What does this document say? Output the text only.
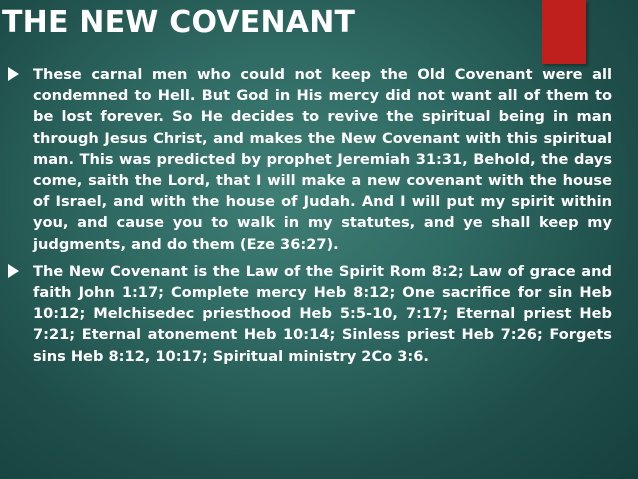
THE NEW COVENANT

These carnal men who could not keep the Old Covenant were all condemned to Hell. But God in His mercy did not want all of them to be lost forever. So He decides to revive the spiritual being in man through Jesus Christ, and makes the New Covenant with this spiritual man. This was predicted by prophet Jeremiah 31:31, Behold, the days come, saith the Lord, that I will make a new covenant with the house of Israel, and with the house of Judah. And I will put my spirit within you, and cause you to walk in my statutes, and ye shall keep my judgments, and do them (Eze 36:27).

The New Covenant is the Law of the Spirit Rom 8:2; Law of grace and faith John 1:17; Complete mercy Heb 8:12; One sacrifice for sin Heb 10:12; Melchisedec priesthood Heb 5:5-10, 7:17; Eternal priest Heb 7:21; Eternal atonement Heb 10:14; Sinless priest Heb 7:26; Forgets sins Heb 8:12, 10:17; Spiritual ministry 2Co 3:6.
